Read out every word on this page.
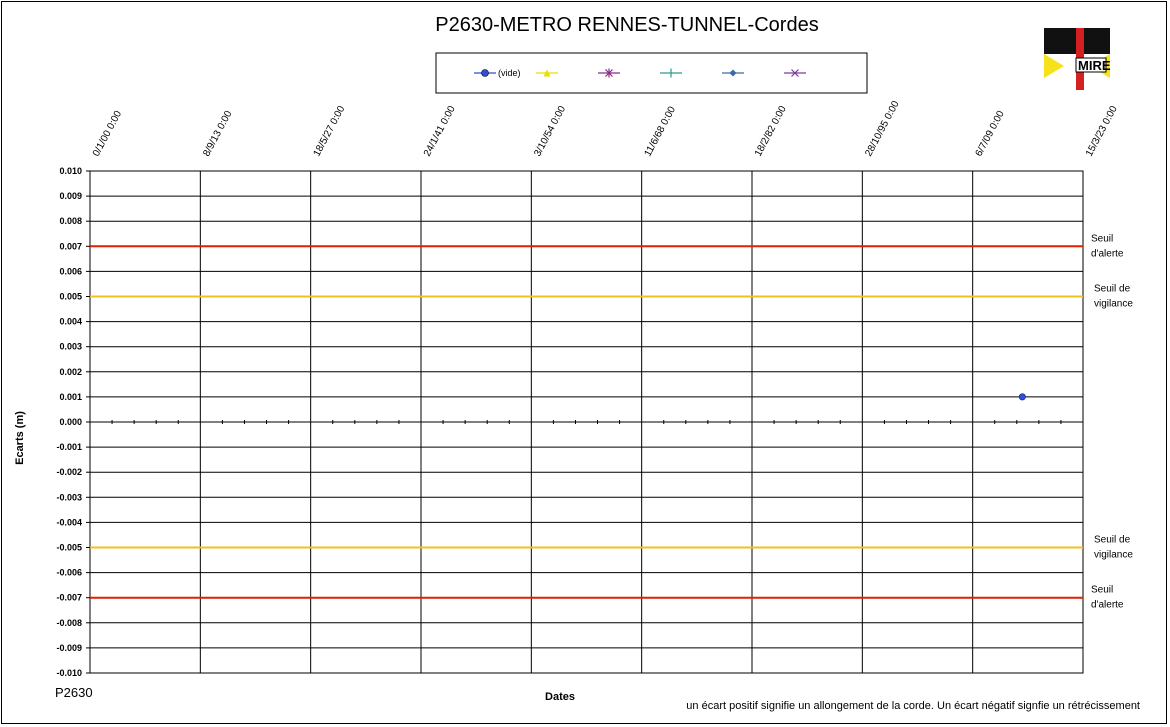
P2630-METRO RENNES-TUNNEL-Cordes
(vide)	MIRE
0.010
0.009
0.008
0.007
0.006
0.005
0.004
0.003
0.002
0.001
0.000
-0.001
-0.002
-0.003
-0.004
-0.005
-0.006
-0.007
-0.008
-0.009
-0.010
0/1/00 0:00	8/9/13 0:00	18/5/27 0:00	24/1/41 0:00	3/10/54 0:00	11/6/68 0:00	18/2/82 0:00	28/10/95 0:00	6/7/09 0:00	15/3/23 0:00
Seuil
d'alerte
Seuil de
vigilance
Seuil de
vigilance
Seuil
d'alerte
Ecarts (m)
Dates
P2630
un écart positif signifie un allongement de la corde. Un écart négatif signfie un rétrécissement
